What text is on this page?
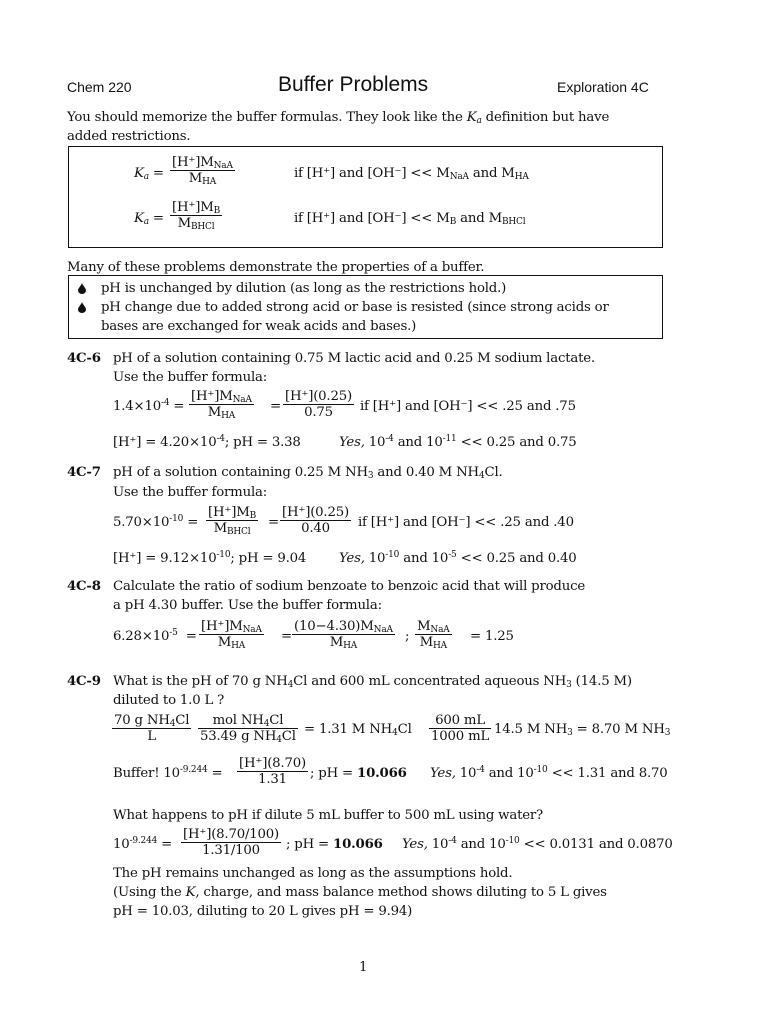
Chem 220	Buffer Problems	Exploration 4C
You should memorize the buffer formulas. They look like the $K_a$ definition but have
added restrictions.
$K_a$ =
$[H^+]M_{NaA}$
$M_{HA}$
if [H⁺] and $[OH^-] << M_{NaA}$ and $M_{HA}$
$K_a$ =
$[H^+]M_B$
$M_{BHCl}$
if [H⁺] and $[OH^-] << M_B$ and $M_{BHCl}$
Many of these problems demonstrate the properties of a buffer.
pH is unchanged by dilution (as long as the restrictions hold.)
pH change due to added strong acid or base is resisted (since strong acids or
bases are exchanged for weak acids and bases.)
4C-6 pH of a solution containing 0.75 M lactic acid and 0.25 M sodium lactate.
Use the buffer formula:
$1.4\times 10^{-4}$ =
$[H^+]M_{NaA}$
$M_{HA}$
= $\frac{[H^+](0.25)}{0.75}$ if [H⁺] and [OH⁻] << .25 and .75
$[H^+] = 4.20\times 10^{-4}$; pH = 3.38	Yes, $10^{-4}$ and $10^{-11} << 0.25$ and 0.75
4C-7 pH of a solution containing 0.25 M $NH_3$ and 0.40 M $NH_4Cl$.
Use the buffer formula:
$5.70\times 10^{-10}$ =
$[H^+]M_B$
$M_{BHCl}$
= $\frac{[H^+](0.25)}{0.40}$ if [H⁺] and [OH⁻] << .25 and .40
$[H^+] = 9.12\times 10^{-10}$; pH = 9.04 Yes, $10^{-10}$ and $10^{-5} << 0.25$ and 0.40
4C-8 Calculate the ratio of sodium benzoate to benzoic acid that will produce
a pH 4.30 buffer. Use the buffer formula:
$6.28\times 10^{-5}$  =
$[H^+]M_{NaA}$
$M_{HA}$
=
$(10-4.30)M_{NaA}$
$M_{HA}$
;
$M_{NaA}$
$M_{HA}$
= 1.25
4C-9 What is the pH of 70 g $NH_4Cl$ and 600 mL concentrated aqueous $NH_3$ (14.5 M)
diluted to 1.0 L ?
$\frac{70 g NH_4Cl}{L}$	mol $NH_4Cl$
53.49 g $NH_4Cl = 1.31$ M $NH_4Cl \frac{600 mL}{1000 mL} 14.5$ M $NH_3 = 8.70$ M $NH_3$
Buffer! $10^{-9.244} = \frac{[H^+](8.70)}{1.31}$ ; pH = 10.066 Yes, $10^{-4}$ and $10^{-10} << 1.31$ and 8.70
What happens to pH if dilute 5 mL buffer to 500 mL using water?
$10^{-9.244} = \frac{[H^+](8.70/100)}{1.31/100}$ ; pH = 10.066 Yes, $10^{-4}$ and $10^{-10} << 0.0131$ and 0.0870
The pH remains unchanged as long as the assumptions hold.
(Using the K, charge, and mass balance method shows diluting to 5 L gives
pH = 10.03, diluting to 20 L gives pH = 9.94)
1
